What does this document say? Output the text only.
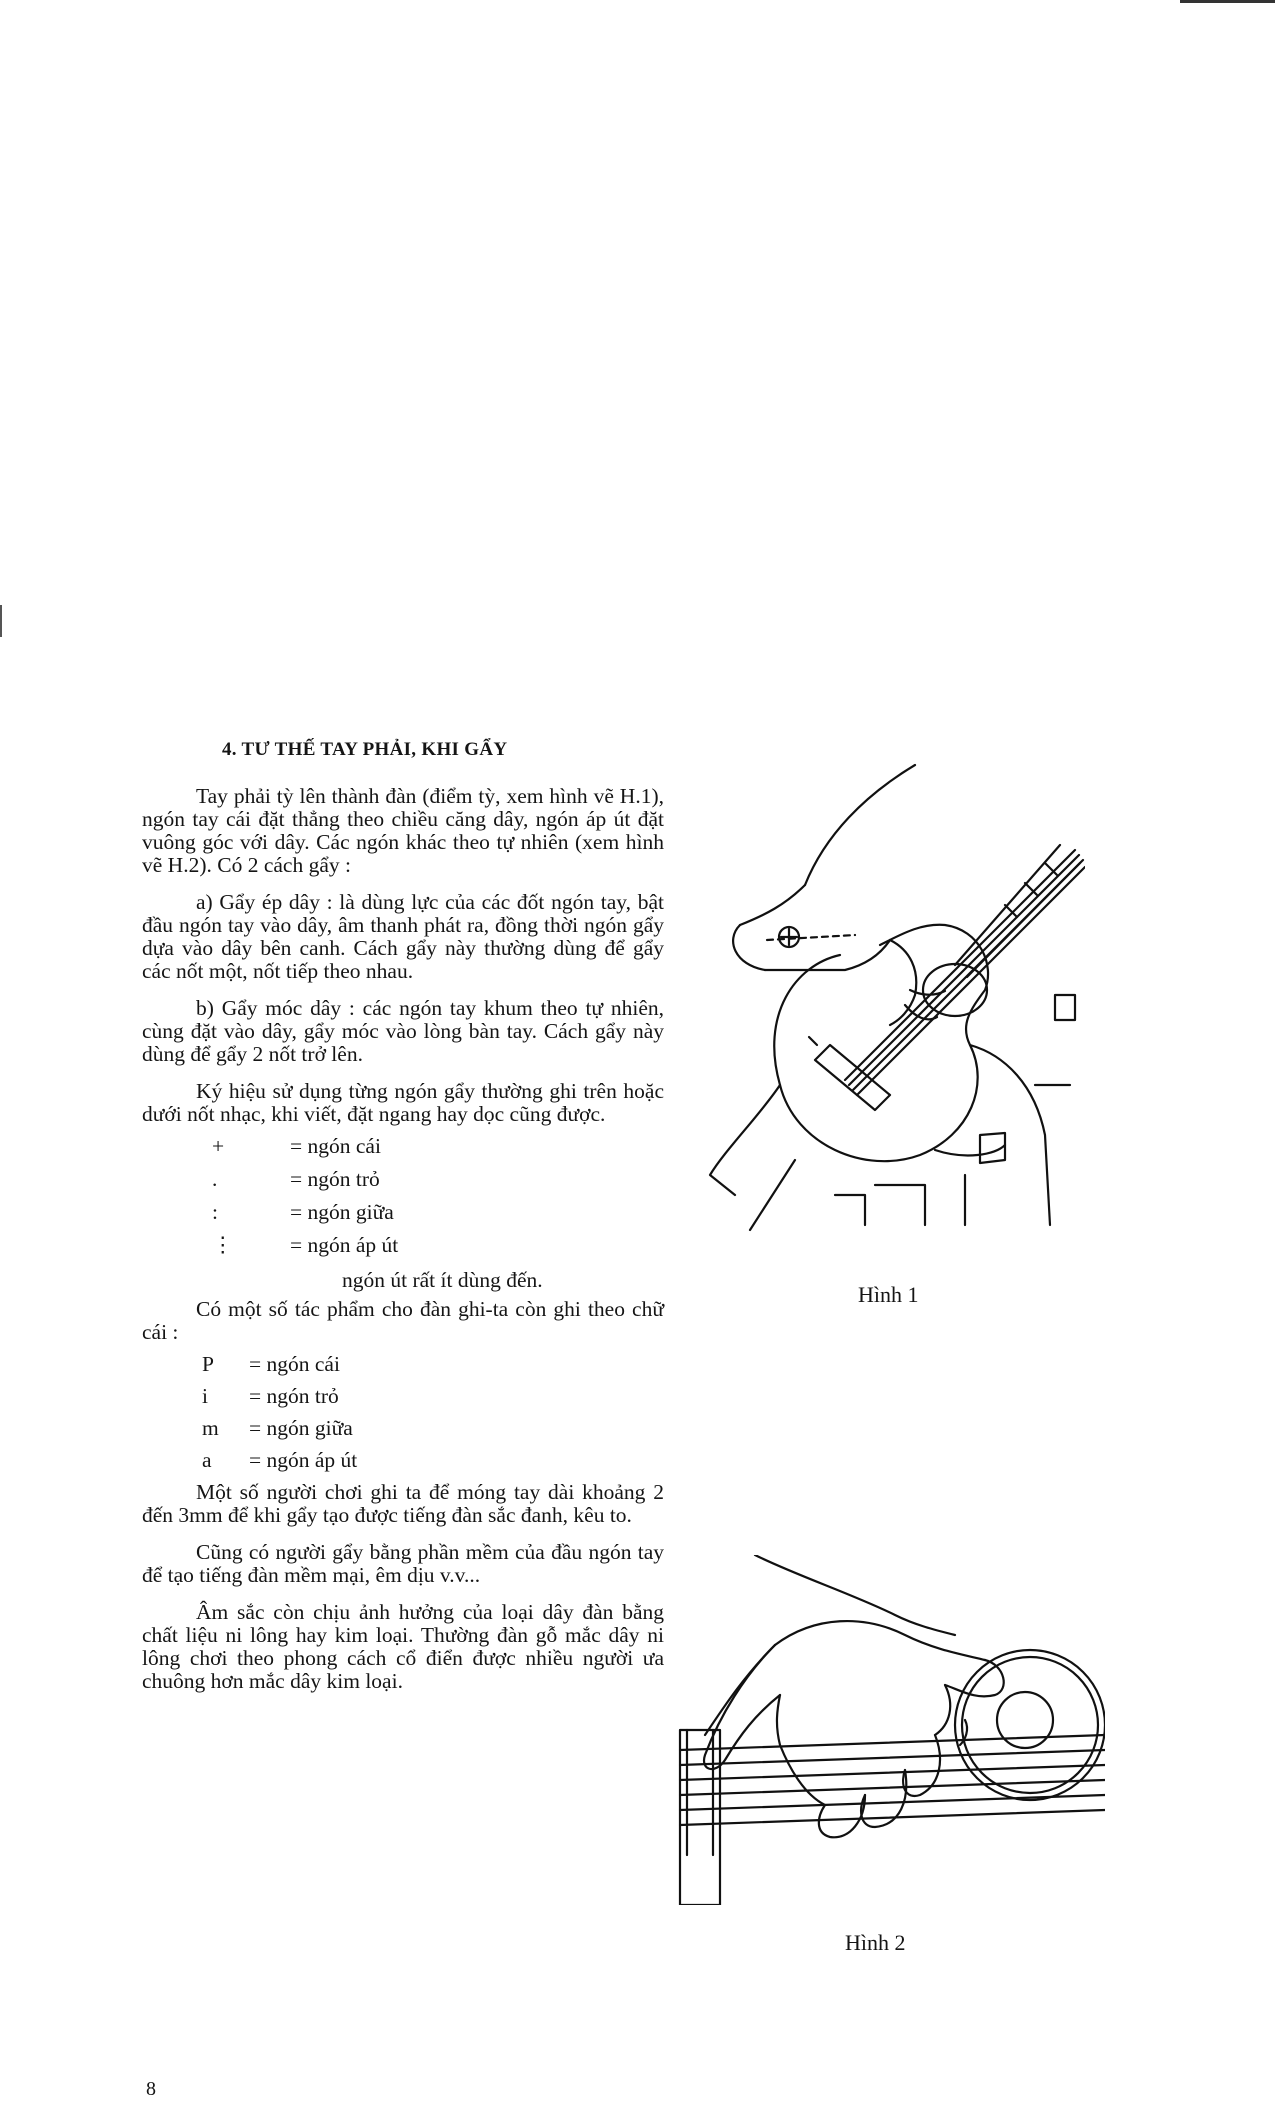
4. TƯ THẾ TAY PHẢI, KHI GẨY

Tay phải tỳ lên thành đàn (điểm tỳ, xem hình vẽ H.1), ngón tay cái đặt thẳng theo chiều căng dây, ngón áp út đặt vuông góc với dây. Các ngón khác theo tự nhiên (xem hình vẽ H.2). Có 2 cách gẩy :

a) Gẩy ép dây : là dùng lực của các đốt ngón tay, bật đầu ngón tay vào dây, âm thanh phát ra, đồng thời ngón gẩy dựa vào dây bên canh. Cách gẩy này thường dùng để gẩy các nốt một, nốt tiếp theo nhau.

b) Gẩy móc dây : các ngón tay khum theo tự nhiên, cùng đặt vào dây, gẩy móc vào lòng bàn tay. Cách gẩy này dùng để gẩy 2 nốt trở lên.

Ký hiệu sử dụng từng ngón gẩy thường ghi trên hoặc dưới nốt nhạc, khi viết, đặt ngang hay dọc cũng được.

+	= ngón cái
.	= ngón trỏ
:	= ngón giữa
⋮	= ngón áp út
ngón út rất ít dùng đến.

Có một số tác phẩm cho đàn ghi-ta còn ghi theo chữ cái :

P	= ngón cái
i	= ngón trỏ
m	= ngón giữa
a	= ngón áp út

Một số người chơi ghi ta để móng tay dài khoảng 2 đến 3mm để khi gẩy tạo được tiếng đàn sắc đanh, kêu to.

Cũng có người gẩy bằng phần mềm của đầu ngón tay để tạo tiếng đàn mềm mại, êm dịu v.v...

Âm sắc còn chịu ảnh hưởng của loại dây đàn bằng chất liệu ni lông hay kim loại. Thường đàn gỗ mắc dây ni lông chơi theo phong cách cổ điển được nhiều người ưa chuông hơn mắc dây kim loại.

Hình 1
Hình 2
8
